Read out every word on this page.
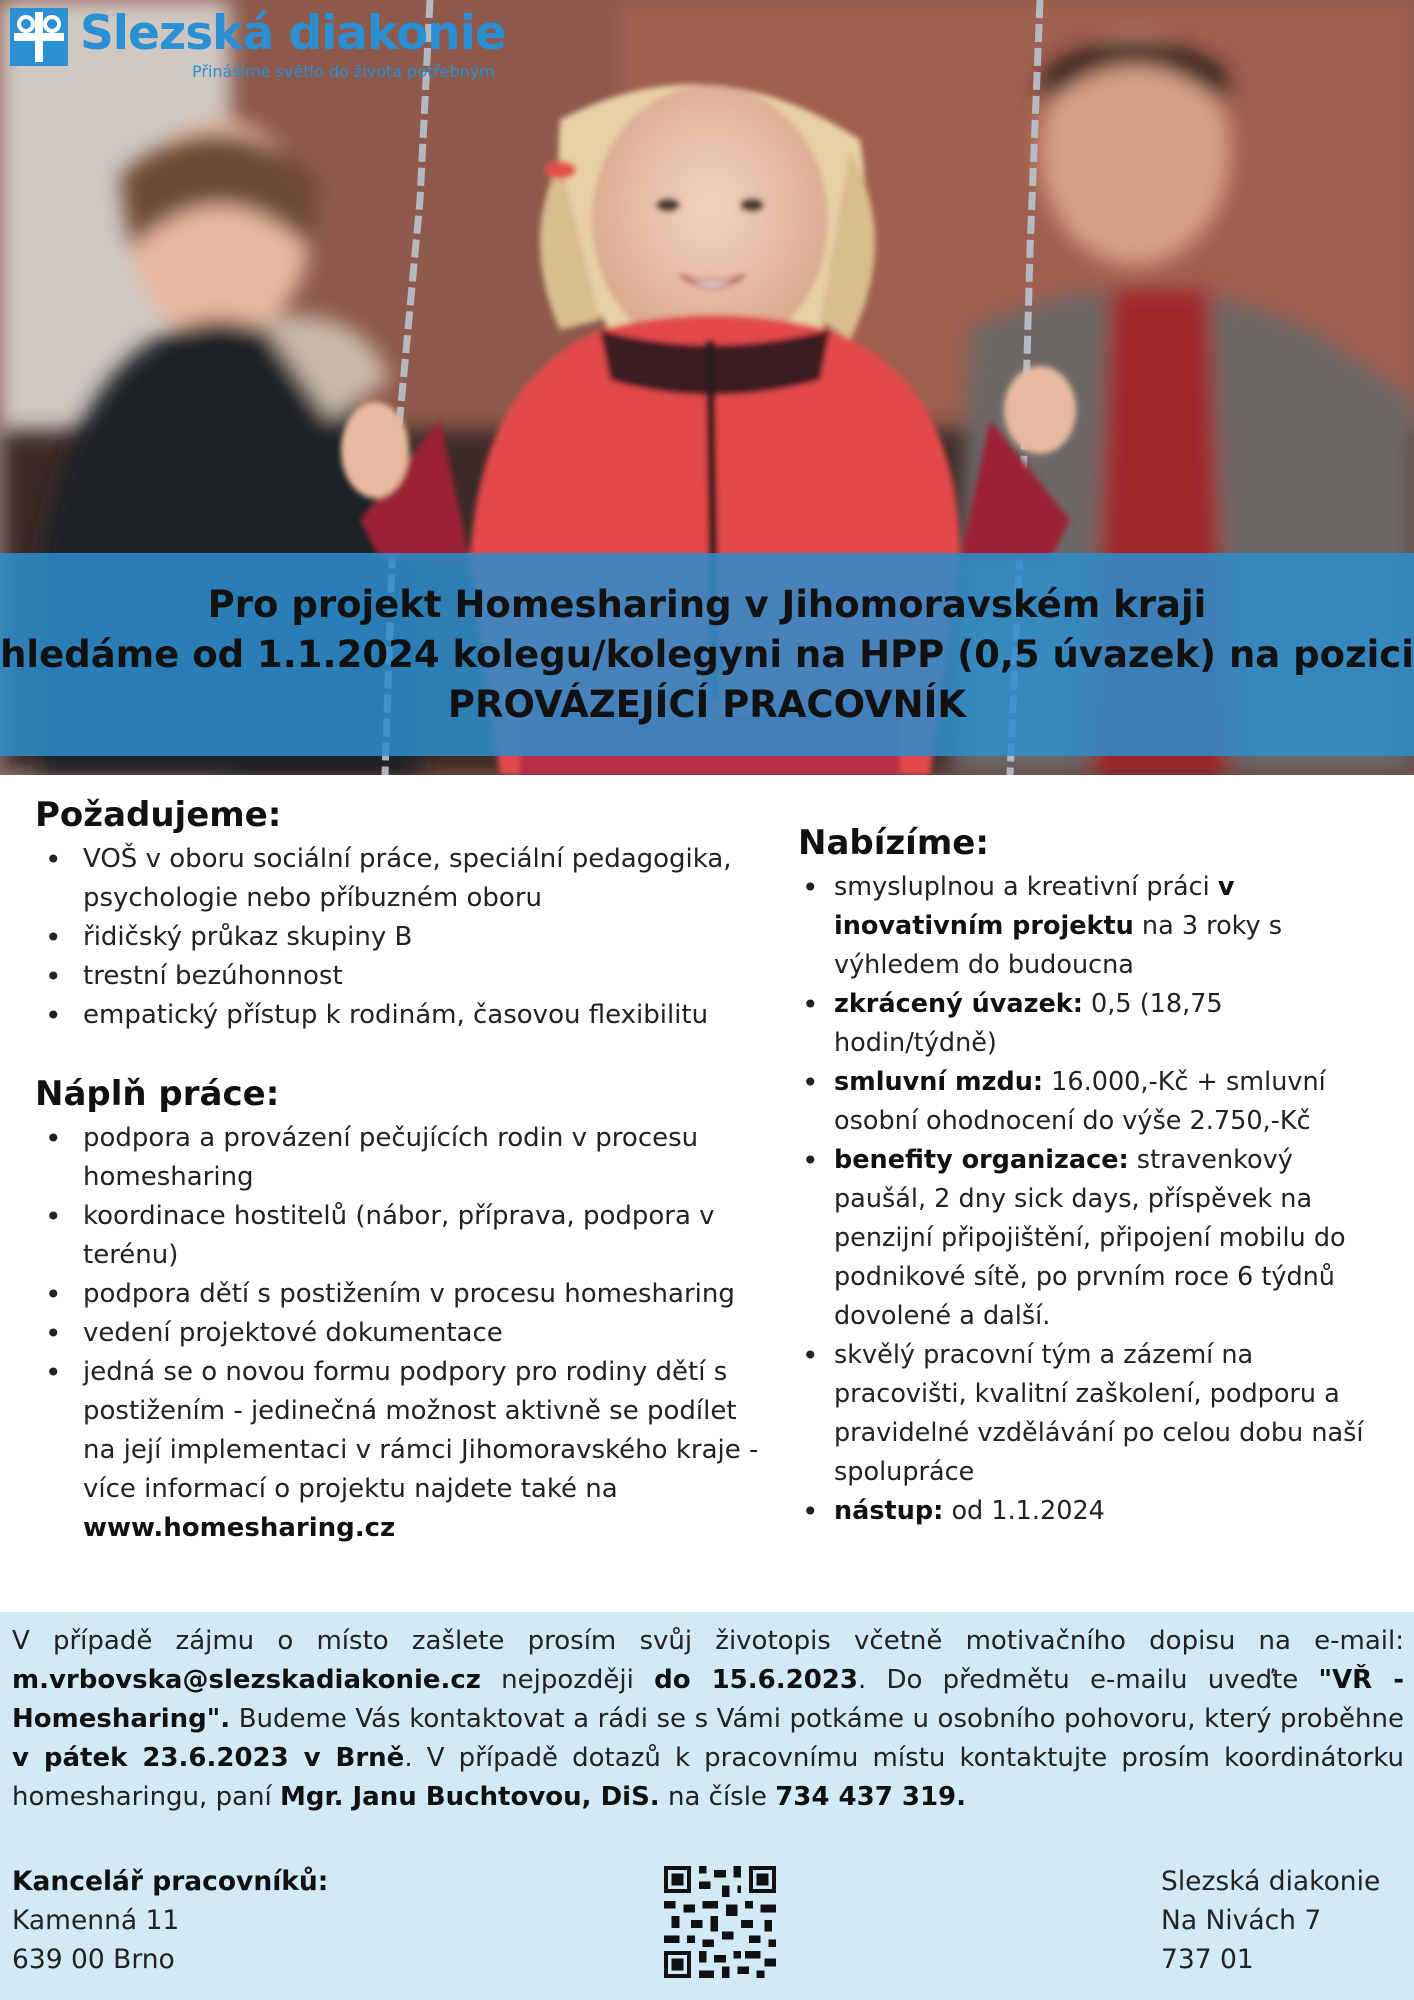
Slezská diakonie
Přinášíme světlo do života potřebným
Pro projekt Homesharing v Jihomoravském kraji
hledáme od 1.1.2024 kolegu/kolegyni na HPP (0,5 úvazek) na pozici
PROVÁZEJÍCÍ PRACOVNÍK
Požadujeme:
• VOŠ v oboru sociální práce, speciální pedagogika, psychologie nebo příbuzném oboru
• řidičský průkaz skupiny B
• trestní bezúhonnost
• empatický přístup k rodinám, časovou flexibilitu
Náplň práce:
• podpora a provázení pečujících rodin v procesu homesharing
• koordinace hostitelů (nábor, příprava, podpora v terénu)
• podpora dětí s postižením v procesu homesharing
• vedení projektové dokumentace
• jedná se o novou formu podpory pro rodiny dětí s postižením - jedinečná možnost aktivně se podílet na její implementaci v rámci Jihomoravského kraje - více informací o projektu najdete také na www.homesharing.cz
Nabízíme:
• smysluplnou a kreativní práci v inovativním projektu na 3 roky s výhledem do budoucna
• zkrácený úvazek: 0,5 (18,75 hodin/týdně)
• smluvní mzdu: 16.000,-Kč + smluvní osobní ohodnocení do výše 2.750,-Kč
• benefity organizace: stravenkový paušál, 2 dny sick days, příspěvek na penzijní připojištění, připojení mobilu do podnikové sítě, po prvním roce 6 týdnů dovolené a další.
• skvělý pracovní tým a zázemí na pracovišti, kvalitní zaškolení, podporu a pravidelné vzdělávání po celou dobu naší spolupráce
• nástup: od 1.1.2024
V případě zájmu o místo zašlete prosím svůj životopis včetně motivačního dopisu na e-mail: m.vrbovska@slezskadiakonie.cz nejpozději do 15.6.2023. Do předmětu e-mailu uveďte "VŘ - Homesharing". Budeme Vás kontaktovat a rádi se s Vámi potkáme u osobního pohovoru, který proběhne v pátek 23.6.2023 v Brně. V případě dotazů k pracovnímu místu kontaktujte prosím koordinátorku homesharingu, paní Mgr. Janu Buchtovou, DiS. na čísle 734 437 319.
Kancelář pracovníků:
Kamenná 11
639 00 Brno
Slezská diakonie
Na Nivách 7
737 01
